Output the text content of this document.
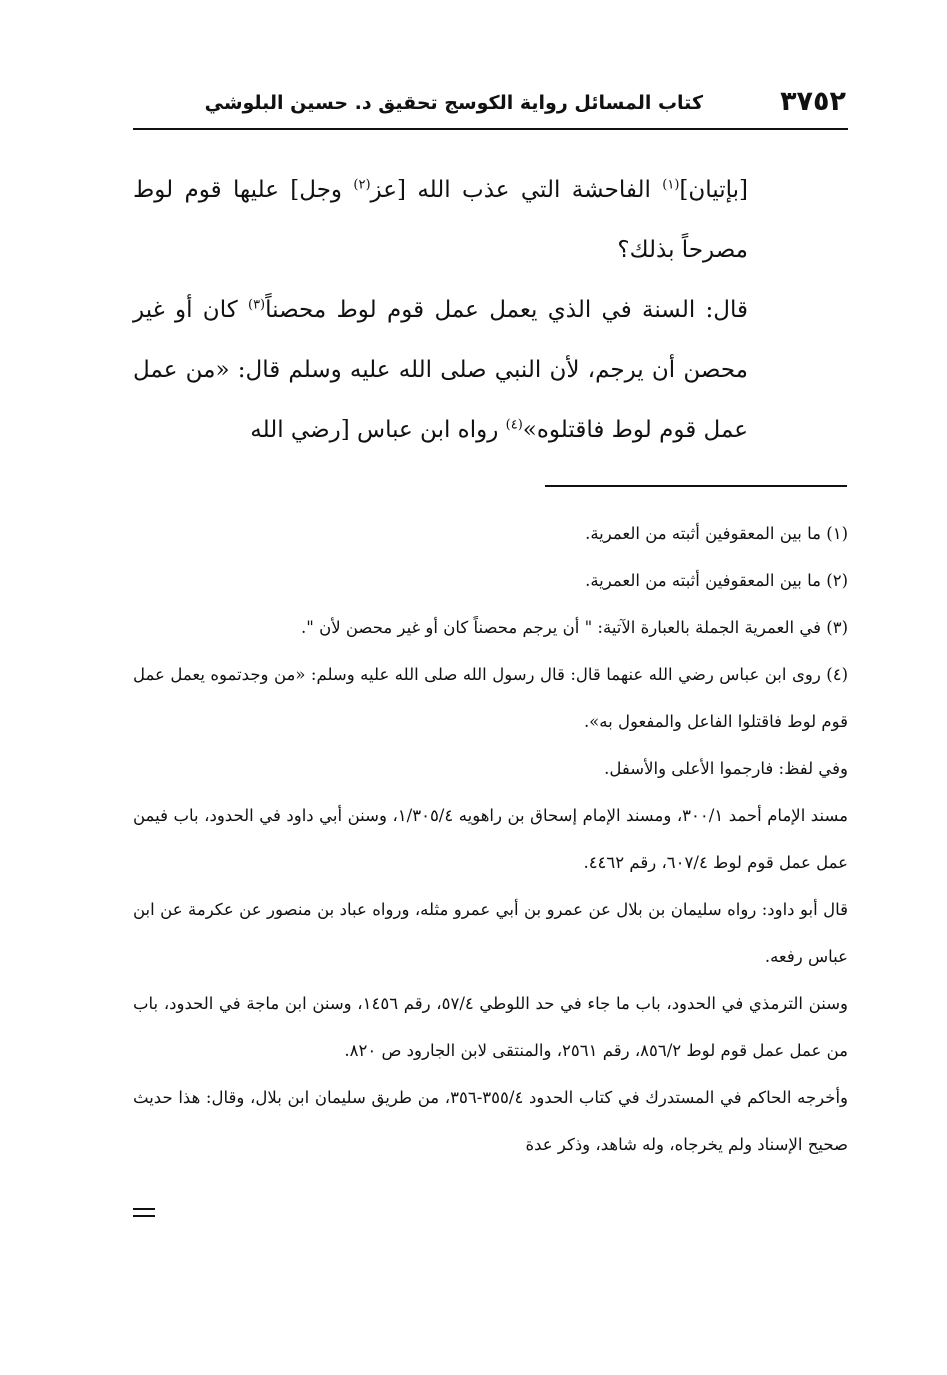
٣٧٥٢
كتاب المسائل رواية الكوسج تحقيق د. حسين البلوشي

[بإتيان]$^{(١)}$ الفاحشة التي عذب الله [عز$^{(٢)}$ وجل] عليها قوم لوط مصرحاً بذلك؟

قال: السنة في الذي يعمل عمل قوم لوط محصناً$^{(٣)}$ كان أو غير محصن أن يرجم، لأن النبي صلى الله عليه وسلم قال: «من عمل عمل قوم لوط فاقتلوه»$^{(٤)}$ رواه ابن عباس [رضي الله

(١) ما بين المعقوفين أثبته من العمرية.

(٢) ما بين المعقوفين أثبته من العمرية.

(٣) في العمرية الجملة بالعبارة الآتية: " أن يرجم محصناً كان أو غير محصن لأن ".

(٤) روى ابن عباس رضي الله عنهما قال: قال رسول الله صلى الله عليه وسلم: «من وجدتموه يعمل عمل قوم لوط فاقتلوا الفاعل والمفعول به».

وفي لفظ: فارجموا الأعلى والأسفل.

مسند الإمام أحمد ٣٠٠/١، ومسند الإمام إسحاق بن راهويه ١/٣٠٥/٤، وسنن أبي داود في الحدود، باب فيمن عمل عمل قوم لوط ٦٠٧/٤، رقم ٤٤٦٢.

قال أبو داود: رواه سليمان بن بلال عن عمرو بن أبي عمرو مثله، ورواه عباد بن منصور عن عكرمة عن ابن عباس رفعه.

وسنن الترمذي في الحدود، باب ما جاء في حد اللوطي ٥٧/٤، رقم ١٤٥٦، وسنن ابن ماجة في الحدود، باب من عمل عمل قوم لوط ٨٥٦/٢، رقم ٢٥٦١، والمنتقى لابن الجارود ص ٨٢٠.

وأخرجه الحاكم في المستدرك في كتاب الحدود ٣٥٥/٤-٣٥٦، من طريق سليمان ابن بلال، وقال: هذا حديث صحيح الإسناد ولم يخرجاه، وله شاهد، وذكر عدة
